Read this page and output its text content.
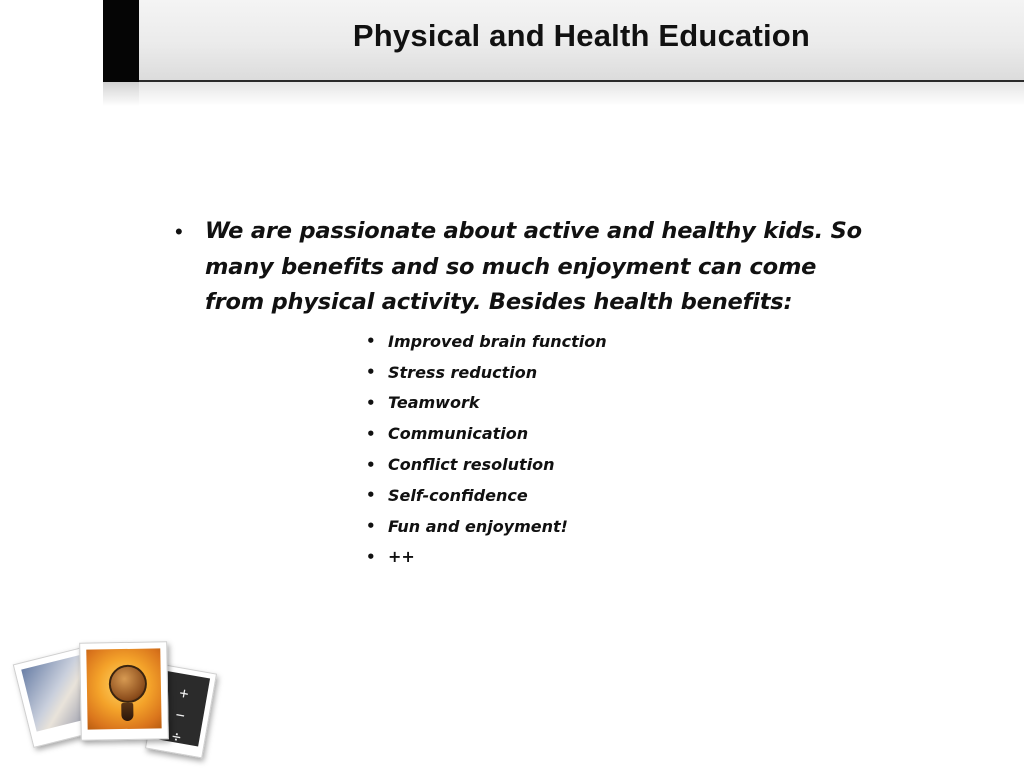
Physical and Health Education
• We are passionate about active and healthy kids. So many benefits and so much enjoyment can come from physical activity. Besides health benefits:
• Improved brain function
• Stress reduction
• Teamwork
• Communication
• Conflict resolution
• Self-confidence
• Fun and enjoyment!
• ++
+
−
÷
